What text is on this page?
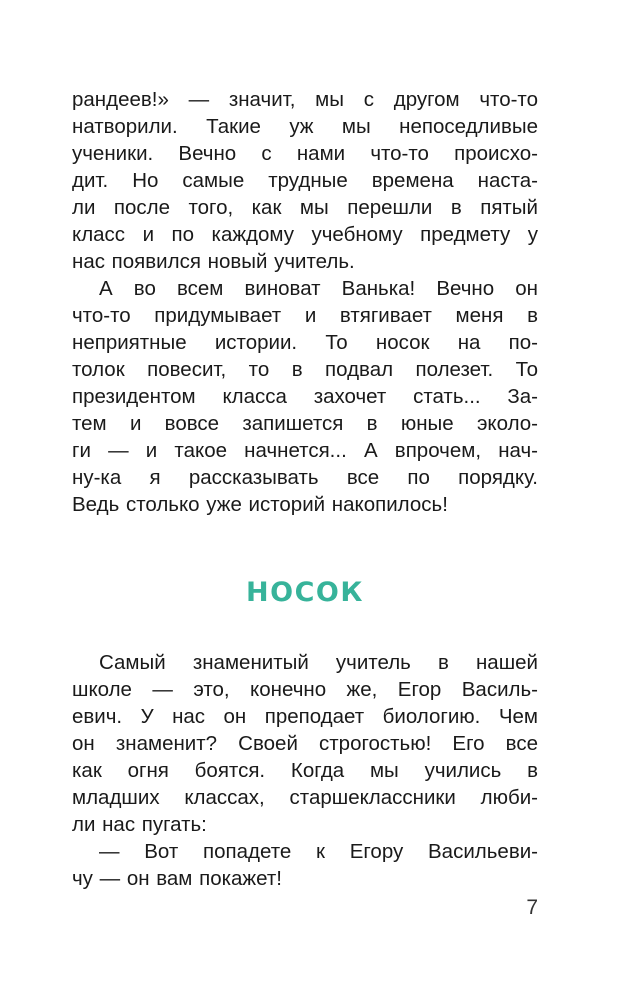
рандеев!» — значит, мы с другом что-то
натворили. Такие уж мы непоседливые
ученики. Вечно с нами что-то происхо-
дит. Но самые трудные времена наста-
ли после того, как мы перешли в пятый
класс и по каждому учебному предмету у
нас появился новый учитель.
А во всем виноват Ванька! Вечно он
что-то придумывает и втягивает меня в
неприятные истории. То носок на по-
толок повесит, то в подвал полезет. То
президентом класса захочет стать... За-
тем и вовсе запишется в юные эколо-
ги — и такое начнется... А впрочем, нач-
ну-ка я рассказывать все по порядку.
Ведь столько уже историй накопилось!
НОСОК
Самый знаменитый учитель в нашей
школе — это, конечно же, Егор Василь-
евич. У нас он преподает биологию. Чем
он знаменит? Своей строгостью! Его все
как огня боятся. Когда мы учились в
младших классах, старшеклассники люби-
ли нас пугать:
— Вот попадете к Егору Васильеви-
чу — он вам покажет!
7
